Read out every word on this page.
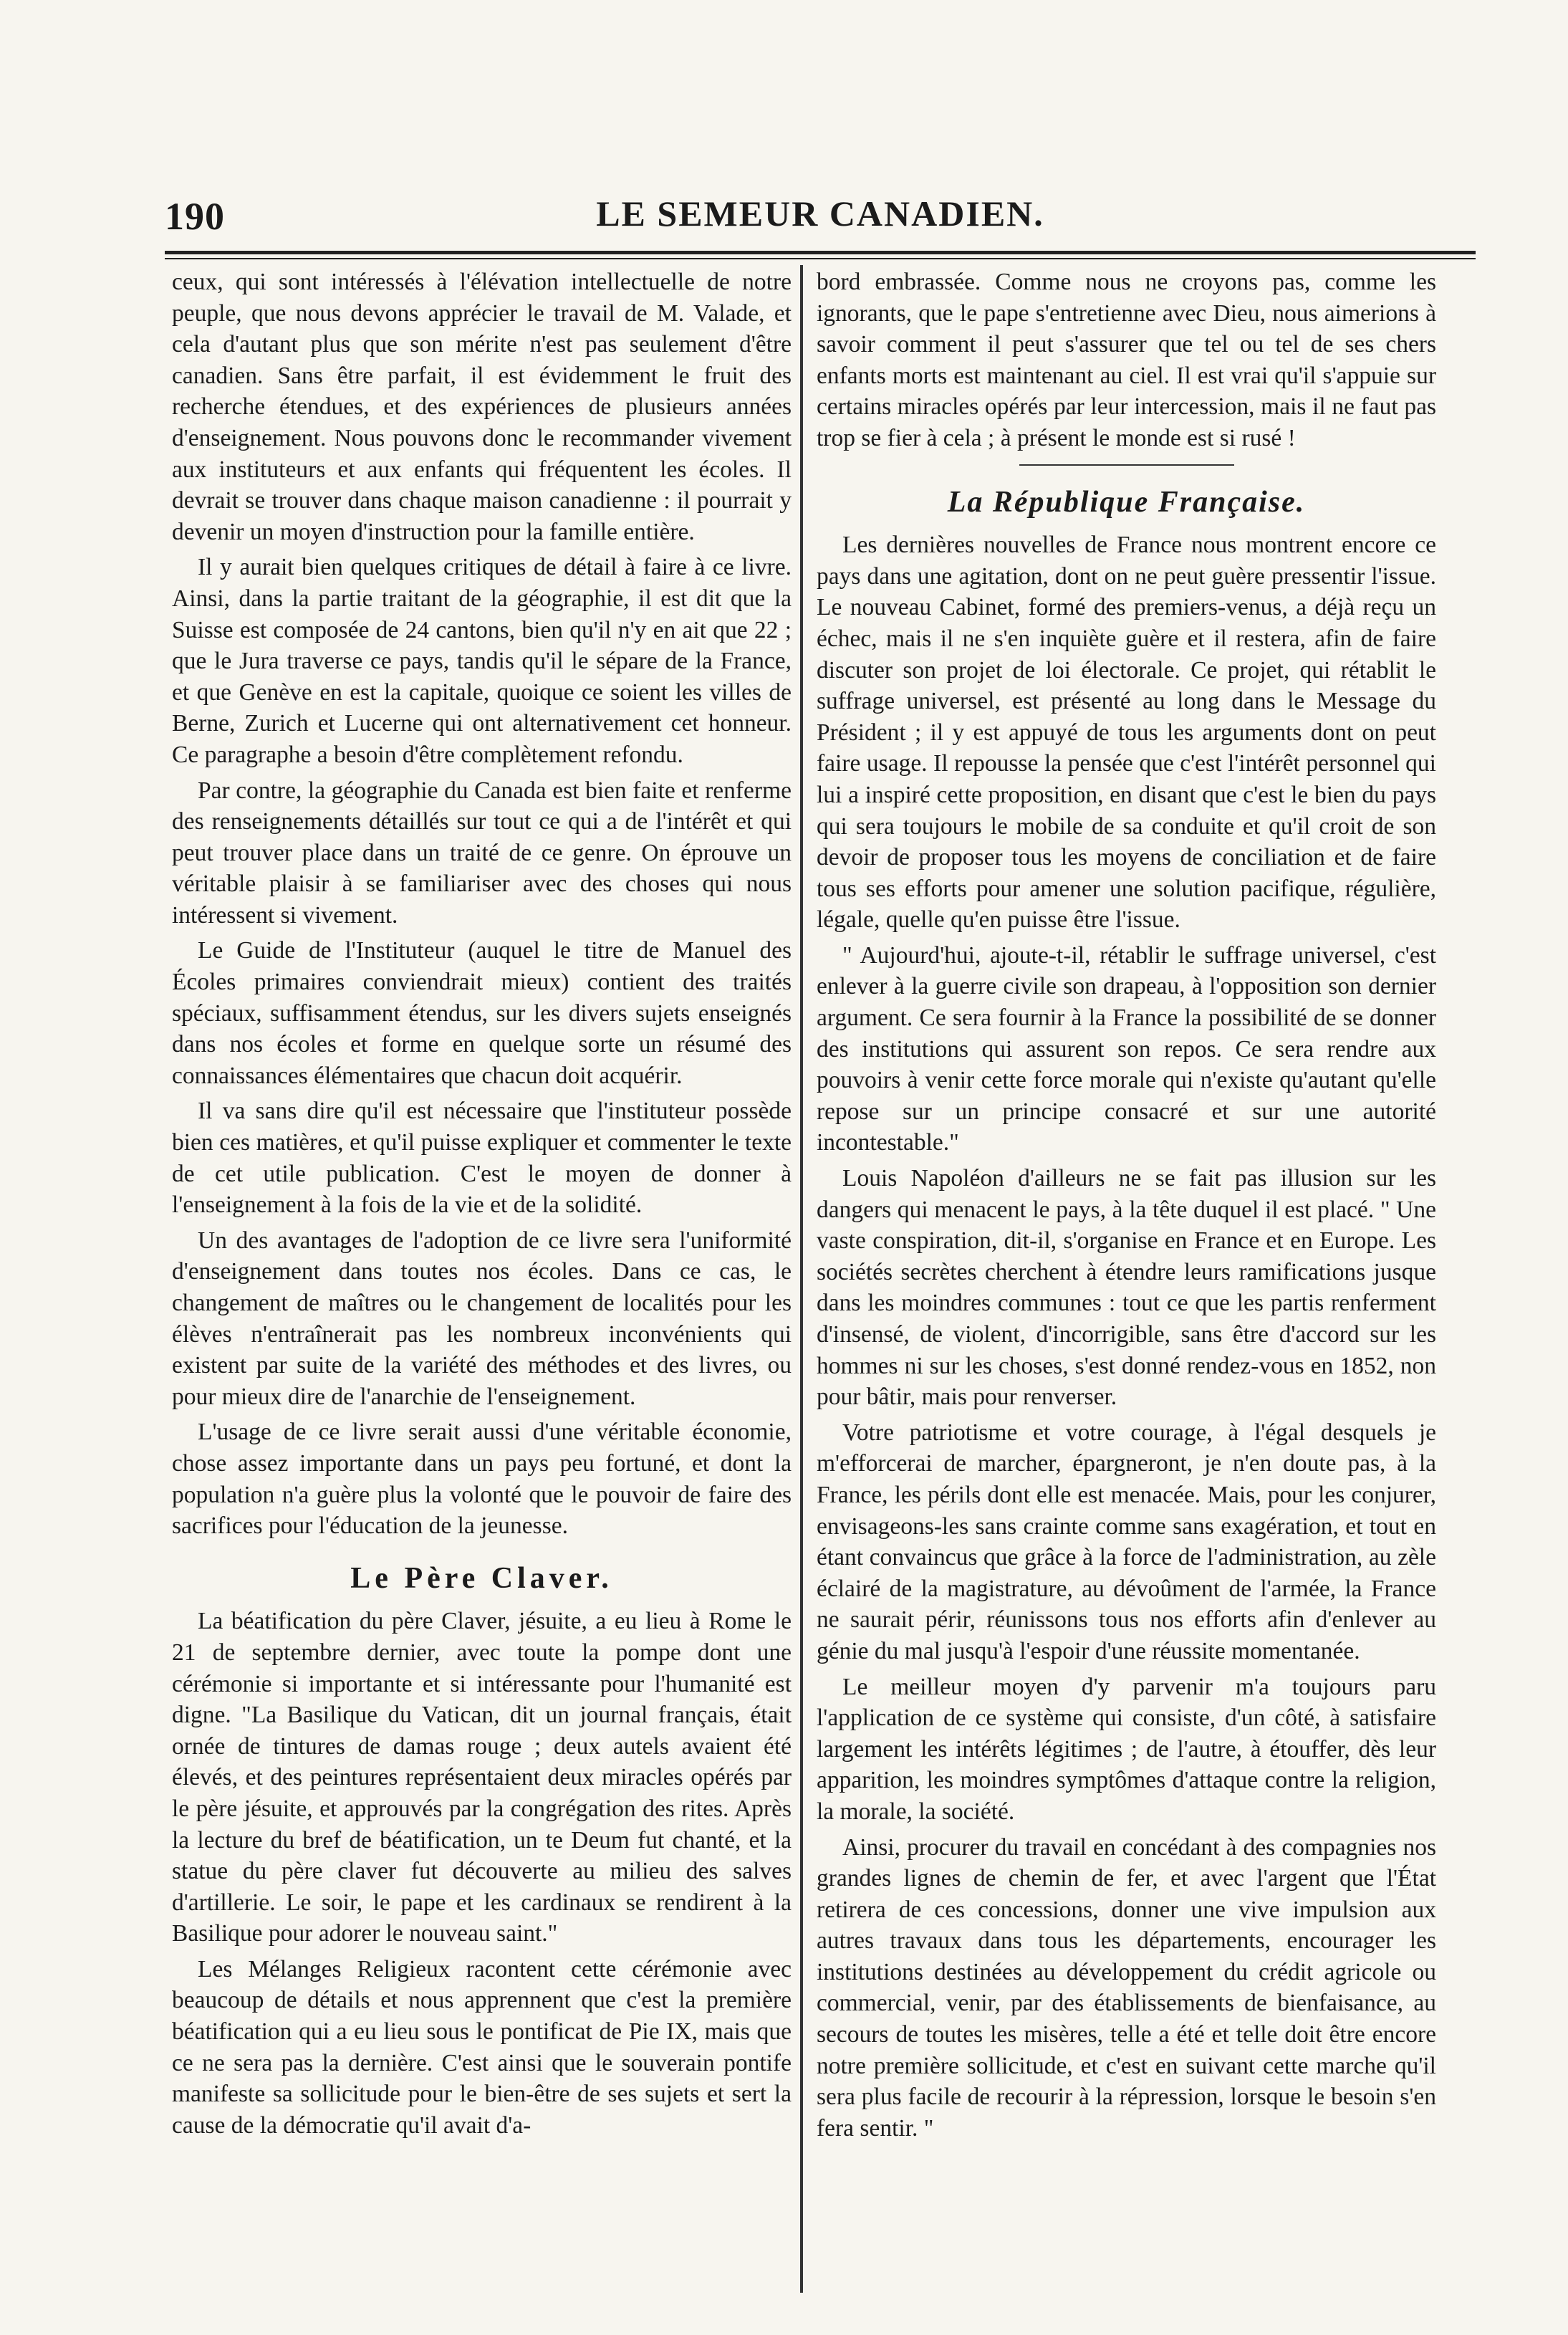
190	LE SEMEUR CANADIEN.

ceux, qui sont intéressés à l'élévation intellectuelle de notre peuple, que nous devons apprécier le travail de M. Valade, et cela d'autant plus que son mérite n'est pas seulement d'être canadien. Sans être parfait, il est évidemment le fruit des recherche étendues, et des expériences de plusieurs années d'enseignement. Nous pouvons donc le recommander vivement aux instituteurs et aux enfants qui fréquentent les écoles. Il devrait se trouver dans chaque maison canadienne : il pourrait y devenir un moyen d'instruction pour la famille entière.

Il y aurait bien quelques critiques de détail à faire à ce livre. Ainsi, dans la partie traitant de la géographie, il est dit que la Suisse est composée de 24 cantons, bien qu'il n'y en ait que 22 ; que le Jura traverse ce pays, tandis qu'il le sépare de la France, et que Genève en est la capitale, quoique ce soient les villes de Berne, Zurich et Lucerne qui ont alternativement cet honneur. Ce paragraphe a besoin d'être complètement refondu.

Par contre, la géographie du Canada est bien faite et renferme des renseignements détaillés sur tout ce qui a de l'intérêt et qui peut trouver place dans un traité de ce genre. On éprouve un véritable plaisir à se familiariser avec des choses qui nous intéressent si vivement.

Le Guide de l'Instituteur (auquel le titre de Manuel des Écoles primaires conviendrait mieux) contient des traités spéciaux, suffisamment étendus, sur les divers sujets enseignés dans nos écoles et forme en quelque sorte un résumé des connaissances élémentaires que chacun doit acquérir.

Il va sans dire qu'il est nécessaire que l'instituteur possède bien ces matières, et qu'il puisse expliquer et commenter le texte de cet utile publication. C'est le moyen de donner à l'enseignement à la fois de la vie et de la solidité.

Un des avantages de l'adoption de ce livre sera l'uniformité d'enseignement dans toutes nos écoles. Dans ce cas, le changement de maîtres ou le changement de localités pour les élèves n'entraînerait pas les nombreux inconvénients qui existent par suite de la variété des méthodes et des livres, ou pour mieux dire de l'anarchie de l'enseignement.

L'usage de ce livre serait aussi d'une véritable économie, chose assez importante dans un pays peu fortuné, et dont la population n'a guère plus la volonté que le pouvoir de faire des sacrifices pour l'éducation de la jeunesse.

Le Père Claver.

La béatification du père Claver, jésuite, a eu lieu à Rome le 21 de septembre dernier, avec toute la pompe dont une cérémonie si importante et si intéressante pour l'humanité est digne. "La Basilique du Vatican, dit un journal français, était ornée de tintures de damas rouge ; deux autels avaient été élevés, et des peintures représentaient deux miracles opérés par le père jésuite, et approuvés par la congrégation des rites. Après la lecture du bref de béatification, un te Deum fut chanté, et la statue du père claver fut découverte au milieu des salves d'artillerie. Le soir, le pape et les cardinaux se rendirent à la Basilique pour adorer le nouveau saint."

Les Mélanges Religieux racontent cette cérémonie avec beaucoup de détails et nous apprennent que c'est la première béatification qui a eu lieu sous le pontificat de Pie IX, mais que ce ne sera pas la dernière. C'est ainsi que le souverain pontife manifeste sa sollicitude pour le bien-être de ses sujets et sert la cause de la démocratie qu'il avait d'a-

bord embrassée. Comme nous ne croyons pas, comme les ignorants, que le pape s'entretienne avec Dieu, nous aimerions à savoir comment il peut s'assurer que tel ou tel de ses chers enfants morts est maintenant au ciel. Il est vrai qu'il s'appuie sur certains miracles opérés par leur intercession, mais il ne faut pas trop se fier à cela ; à présent le monde est si rusé !

La République Française.

Les dernières nouvelles de France nous montrent encore ce pays dans une agitation, dont on ne peut guère pressentir l'issue. Le nouveau Cabinet, formé des premiers-venus, a déjà reçu un échec, mais il ne s'en inquiète guère et il restera, afin de faire discuter son projet de loi électorale. Ce projet, qui rétablit le suffrage universel, est présenté au long dans le Message du Président ; il y est appuyé de tous les arguments dont on peut faire usage. Il repousse la pensée que c'est l'intérêt personnel qui lui a inspiré cette proposition, en disant que c'est le bien du pays qui sera toujours le mobile de sa conduite et qu'il croit de son devoir de proposer tous les moyens de conciliation et de faire tous ses efforts pour amener une solution pacifique, régulière, légale, quelle qu'en puisse être l'issue.

" Aujourd'hui, ajoute-t-il, rétablir le suffrage universel, c'est enlever à la guerre civile son drapeau, à l'opposition son dernier argument. Ce sera fournir à la France la possibilité de se donner des institutions qui assurent son repos. Ce sera rendre aux pouvoirs à venir cette force morale qui n'existe qu'autant qu'elle repose sur un principe consacré et sur une autorité incontestable."

Louis Napoléon d'ailleurs ne se fait pas illusion sur les dangers qui menacent le pays, à la tête duquel il est placé. " Une vaste conspiration, dit-il, s'organise en France et en Europe. Les sociétés secrètes cherchent à étendre leurs ramifications jusque dans les moindres communes : tout ce que les partis renferment d'insensé, de violent, d'incorrigible, sans être d'accord sur les hommes ni sur les choses, s'est donné rendez-vous en 1852, non pour bâtir, mais pour renverser.

Votre patriotisme et votre courage, à l'égal desquels je m'efforcerai de marcher, épargneront, je n'en doute pas, à la France, les périls dont elle est menacée. Mais, pour les conjurer, envisageons-les sans crainte comme sans exagération, et tout en étant convaincus que grâce à la force de l'administration, au zèle éclairé de la magistrature, au dévoûment de l'armée, la France ne saurait périr, réunissons tous nos efforts afin d'enlever au génie du mal jusqu'à l'espoir d'une réussite momentanée.

Le meilleur moyen d'y parvenir m'a toujours paru l'application de ce système qui consiste, d'un côté, à satisfaire largement les intérêts légitimes ; de l'autre, à étouffer, dès leur apparition, les moindres symptômes d'attaque contre la religion, la morale, la société.

Ainsi, procurer du travail en concédant à des compagnies nos grandes lignes de chemin de fer, et avec l'argent que l'État retirera de ces concessions, donner une vive impulsion aux autres travaux dans tous les départements, encourager les institutions destinées au développement du crédit agricole ou commercial, venir, par des établissements de bienfaisance, au secours de toutes les misères, telle a été et telle doit être encore notre première sollicitude, et c'est en suivant cette marche qu'il sera plus facile de recourir à la répression, lorsque le besoin s'en fera sentir. "
